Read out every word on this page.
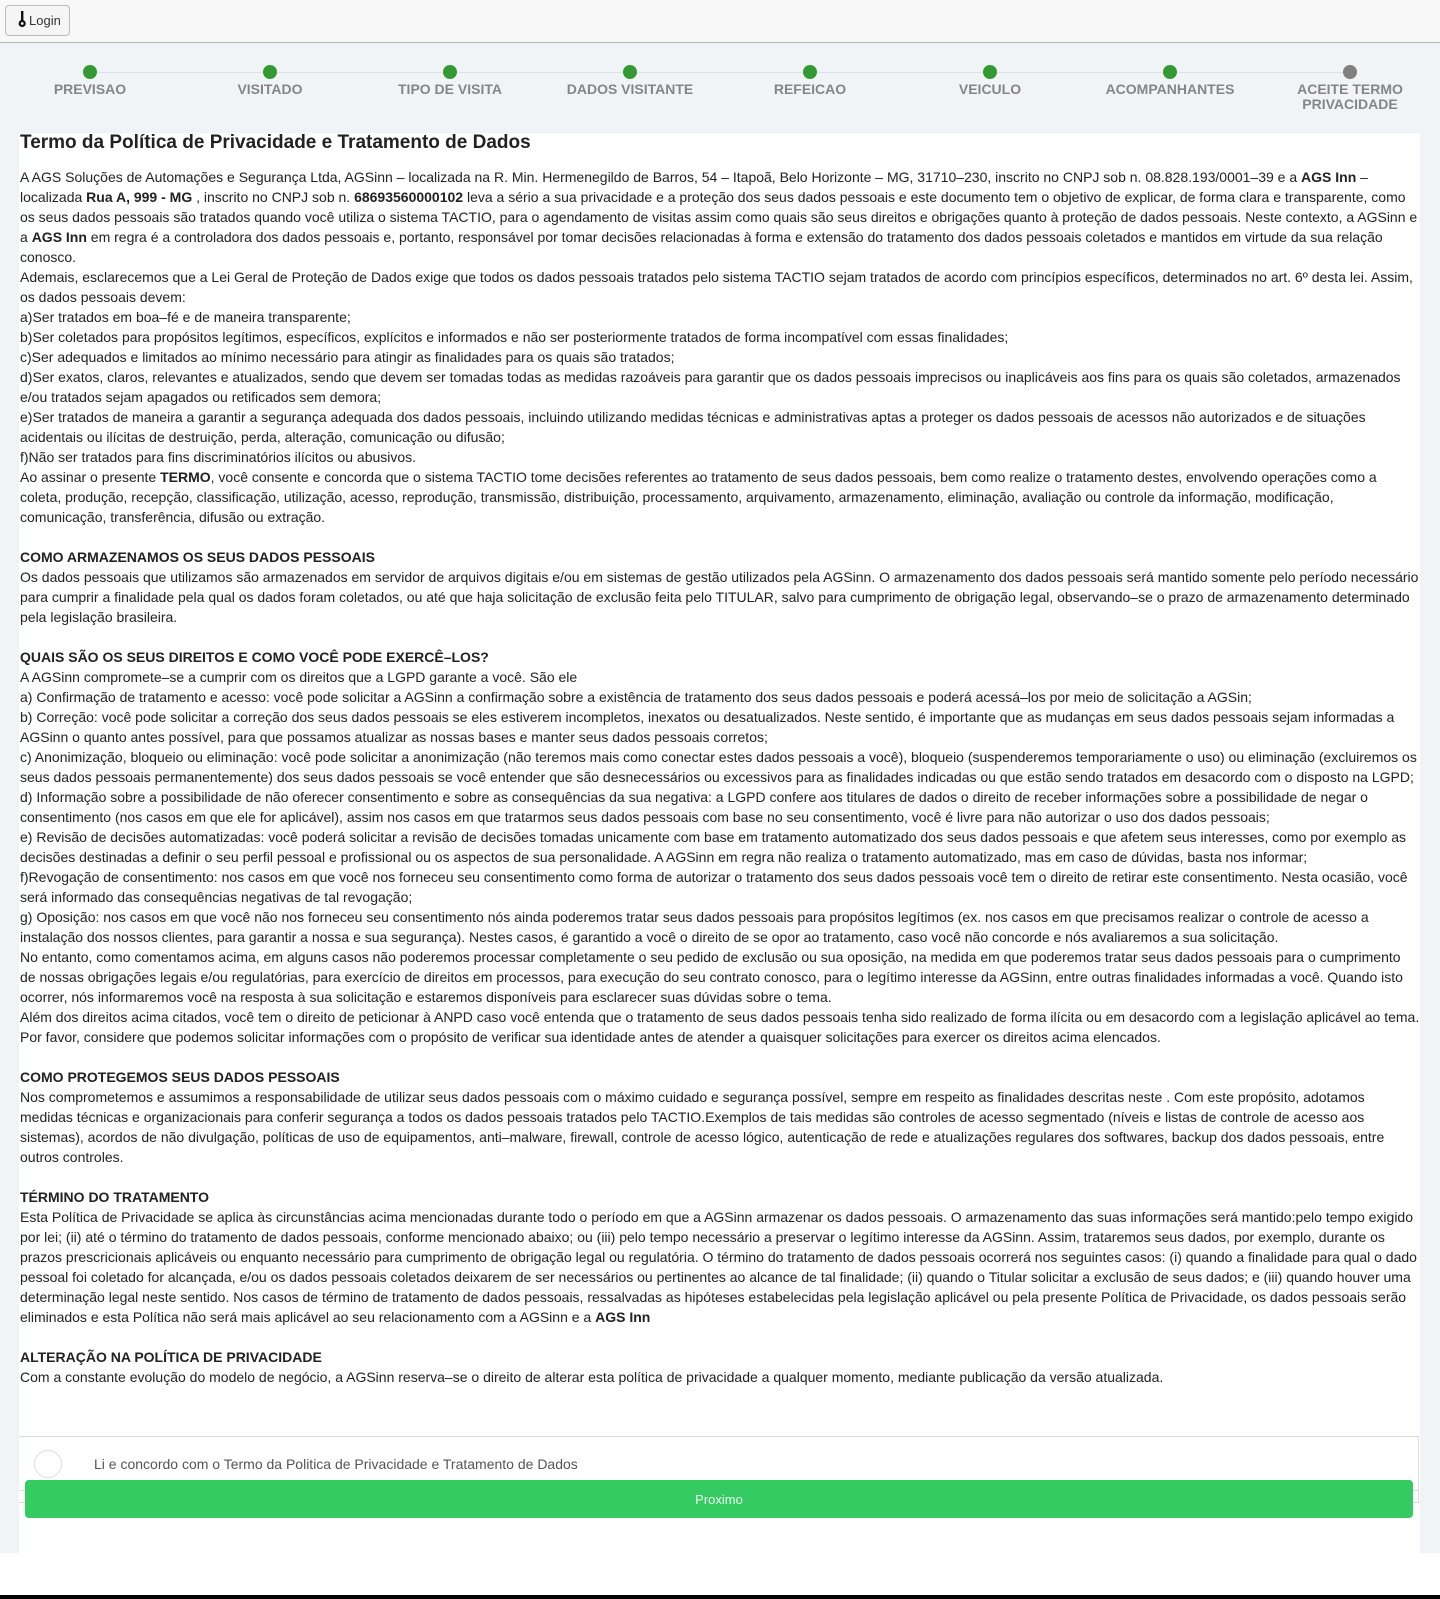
Login
PREVISAO	VISITADO	TIPO DE VISITA	DADOS VISITANTE	REFEICAO	VEICULO	ACOMPANHANTES	ACEITE TERMO PRIVACIDADE
Termo da Política de Privacidade e Tratamento de Dados

A AGS Soluções de Automações e Segurança Ltda, AGSinn – localizada na R. Min. Hermenegildo de Barros, 54 – Itapoã, Belo Horizonte – MG, 31710–230, inscrito no CNPJ sob n. 08.828.193/0001–39 e a AGS Inn – localizada Rua A, 999 - MG , inscrito no CNPJ sob n. 68693560000102 leva a sério a sua privacidade e a proteção dos seus dados pessoais e este documento tem o objetivo de explicar, de forma clara e transparente, como os seus dados pessoais são tratados quando você utiliza o sistema TACTIO, para o agendamento de visitas assim como quais são seus direitos e obrigações quanto à proteção de dados pessoais. Neste contexto, a AGSinn e a AGS Inn em regra é a controladora dos dados pessoais e, portanto, responsável por tomar decisões relacionadas à forma e extensão do tratamento dos dados pessoais coletados e mantidos em virtude da sua relação conosco.

Ademais, esclarecemos que a Lei Geral de Proteção de Dados exige que todos os dados pessoais tratados pelo sistema TACTIO sejam tratados de acordo com princípios específicos, determinados no art. 6º desta lei. Assim, os dados pessoais devem:

a)Ser tratados em boa–fé e de maneira transparente;

b)Ser coletados para propósitos legítimos, específicos, explícitos e informados e não ser posteriormente tratados de forma incompatível com essas finalidades;

c)Ser adequados e limitados ao mínimo necessário para atingir as finalidades para os quais são tratados;

d)Ser exatos, claros, relevantes e atualizados, sendo que devem ser tomadas todas as medidas razoáveis para garantir que os dados pessoais imprecisos ou inaplicáveis aos fins para os quais são coletados, armazenados e/ou tratados sejam apagados ou retificados sem demora;

e)Ser tratados de maneira a garantir a segurança adequada dos dados pessoais, incluindo utilizando medidas técnicas e administrativas aptas a proteger os dados pessoais de acessos não autorizados e de situações acidentais ou ilícitas de destruição, perda, alteração, comunicação ou difusão;

f)Não ser tratados para fins discriminatórios ilícitos ou abusivos.

Ao assinar o presente TERMO, você consente e concorda que o sistema TACTIO tome decisões referentes ao tratamento de seus dados pessoais, bem como realize o tratamento destes, envolvendo operações como a coleta, produção, recepção, classificação, utilização, acesso, reprodução, transmissão, distribuição, processamento, arquivamento, armazenamento, eliminação, avaliação ou controle da informação, modificação, comunicação, transferência, difusão ou extração.

COMO ARMAZENAMOS OS SEUS DADOS PESSOAIS

Os dados pessoais que utilizamos são armazenados em servidor de arquivos digitais e/ou em sistemas de gestão utilizados pela AGSinn. O armazenamento dos dados pessoais será mantido somente pelo período necessário para cumprir a finalidade pela qual os dados foram coletados, ou até que haja solicitação de exclusão feita pelo TITULAR, salvo para cumprimento de obrigação legal, observando–se o prazo de armazenamento determinado pela legislação brasileira.

QUAIS SÃO OS SEUS DIREITOS E COMO VOCÊ PODE EXERCÊ–LOS?

A AGSinn compromete–se a cumprir com os direitos que a LGPD garante a você. São ele

a) Confirmação de tratamento e acesso: você pode solicitar a AGSinn a confirmação sobre a existência de tratamento dos seus dados pessoais e poderá acessá–los por meio de solicitação a AGSin;

b) Correção: você pode solicitar a correção dos seus dados pessoais se eles estiverem incompletos, inexatos ou desatualizados. Neste sentido, é importante que as mudanças em seus dados pessoais sejam informadas a AGSinn o quanto antes possível, para que possamos atualizar as nossas bases e manter seus dados pessoais corretos;

c) Anonimização, bloqueio ou eliminação: você pode solicitar a anonimização (não teremos mais como conectar estes dados pessoais a você), bloqueio (suspenderemos temporariamente o uso) ou eliminação (excluiremos os seus dados pessoais permanentemente) dos seus dados pessoais se você entender que são desnecessários ou excessivos para as finalidades indicadas ou que estão sendo tratados em desacordo com o disposto na LGPD;

d) Informação sobre a possibilidade de não oferecer consentimento e sobre as consequências da sua negativa: a LGPD confere aos titulares de dados o direito de receber informações sobre a possibilidade de negar o consentimento (nos casos em que ele for aplicável), assim nos casos em que tratarmos seus dados pessoais com base no seu consentimento, você é livre para não autorizar o uso dos dados pessoais;

e) Revisão de decisões automatizadas: você poderá solicitar a revisão de decisões tomadas unicamente com base em tratamento automatizado dos seus dados pessoais e que afetem seus interesses, como por exemplo as decisões destinadas a definir o seu perfil pessoal e profissional ou os aspectos de sua personalidade. A AGSinn em regra não realiza o tratamento automatizado, mas em caso de dúvidas, basta nos informar;

f)Revogação de consentimento: nos casos em que você nos forneceu seu consentimento como forma de autorizar o tratamento dos seus dados pessoais você tem o direito de retirar este consentimento. Nesta ocasião, você será informado das consequências negativas de tal revogação;

g) Oposição: nos casos em que você não nos forneceu seu consentimento nós ainda poderemos tratar seus dados pessoais para propósitos legítimos (ex. nos casos em que precisamos realizar o controle de acesso a instalação dos nossos clientes, para garantir a nossa e sua segurança). Nestes casos, é garantido a você o direito de se opor ao tratamento, caso você não concorde e nós avaliaremos a sua solicitação.

No entanto, como comentamos acima, em alguns casos não poderemos processar completamente o seu pedido de exclusão ou sua oposição, na medida em que poderemos tratar seus dados pessoais para o cumprimento de nossas obrigações legais e/ou regulatórias, para exercício de direitos em processos, para execução do seu contrato conosco, para o legítimo interesse da AGSinn, entre outras finalidades informadas a você. Quando isto ocorrer, nós informaremos você na resposta à sua solicitação e estaremos disponíveis para esclarecer suas dúvidas sobre o tema.

Além dos direitos acima citados, você tem o direito de peticionar à ANPD caso você entenda que o tratamento de seus dados pessoais tenha sido realizado de forma ilícita ou em desacordo com a legislação aplicável ao tema.

Por favor, considere que podemos solicitar informações com o propósito de verificar sua identidade antes de atender a quaisquer solicitações para exercer os direitos acima elencados.

COMO PROTEGEMOS SEUS DADOS PESSOAIS

Nos comprometemos e assumimos a responsabilidade de utilizar seus dados pessoais com o máximo cuidado e segurança possível, sempre em respeito as finalidades descritas neste . Com este propósito, adotamos medidas técnicas e organizacionais para conferir segurança a todos os dados pessoais tratados pelo TACTIO.Exemplos de tais medidas são controles de acesso segmentado (níveis e listas de controle de acesso aos sistemas), acordos de não divulgação, políticas de uso de equipamentos, anti–malware, firewall, controle de acesso lógico, autenticação de rede e atualizações regulares dos softwares, backup dos dados pessoais, entre outros controles.

TÉRMINO DO TRATAMENTO

Esta Política de Privacidade se aplica às circunstâncias acima mencionadas durante todo o período em que a AGSinn armazenar os dados pessoais. O armazenamento das suas informações será mantido:pelo tempo exigido por lei; (ii) até o término do tratamento de dados pessoais, conforme mencionado abaixo; ou (iii) pelo tempo necessário a preservar o legítimo interesse da AGSinn. Assim, trataremos seus dados, por exemplo, durante os prazos prescricionais aplicáveis ou enquanto necessário para cumprimento de obrigação legal ou regulatória. O término do tratamento de dados pessoais ocorrerá nos seguintes casos: (i) quando a finalidade para qual o dado pessoal foi coletado for alcançada, e/ou os dados pessoais coletados deixarem de ser necessários ou pertinentes ao alcance de tal finalidade; (ii) quando o Titular solicitar a exclusão de seus dados; e (iii) quando houver uma determinação legal neste sentido. Nos casos de término de tratamento de dados pessoais, ressalvadas as hipóteses estabelecidas pela legislação aplicável ou pela presente Política de Privacidade, os dados pessoais serão eliminados e esta Política não será mais aplicável ao seu relacionamento com a AGSinn e a AGS Inn

ALTERAÇÃO NA POLÍTICA DE PRIVACIDADE

Com a constante evolução do modelo de negócio, a AGSinn reserva–se o direito de alterar esta política de privacidade a qualquer momento, mediante publicação da versão atualizada.

Li e concordo com o Termo da Politica de Privacidade e Tratamento de Dados
Proximo
